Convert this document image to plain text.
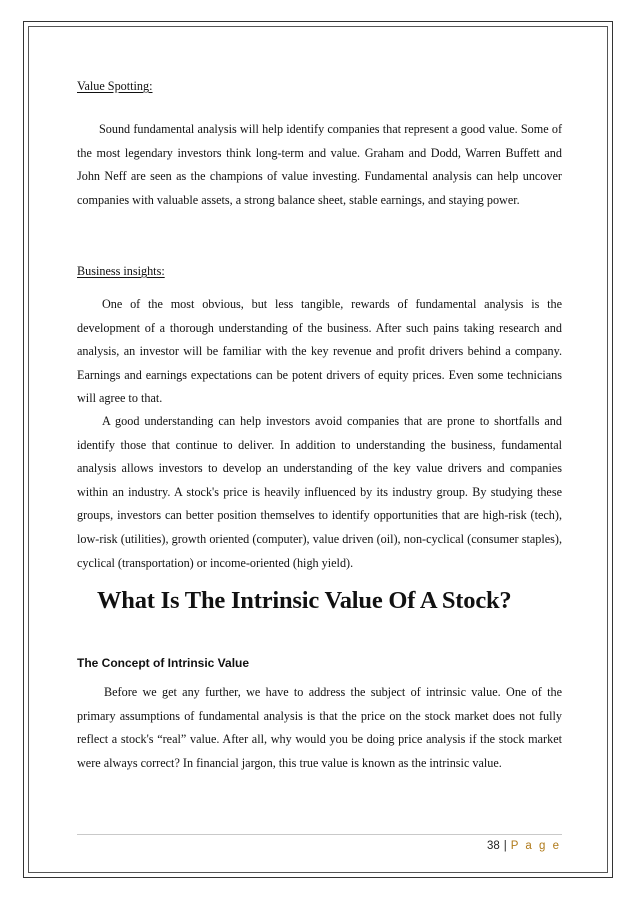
Value Spotting:
Sound fundamental analysis will help identify companies that represent a good value. Some of the most legendary investors think long-term and value. Graham and Dodd, Warren Buffett and John Neff are seen as the champions of value investing. Fundamental analysis can help uncover companies with valuable assets, a strong balance sheet, stable earnings, and staying power.
Business insights:
One of the most obvious, but less tangible, rewards of fundamental analysis is the development of a thorough understanding of the business. After such pains taking research and analysis, an investor will be familiar with the key revenue and profit drivers behind a company. Earnings and earnings expectations can be potent drivers of equity prices. Even some technicians will agree to that.
A good understanding can help investors avoid companies that are prone to shortfalls and identify those that continue to deliver. In addition to understanding the business, fundamental analysis allows investors to develop an understanding of the key value drivers and companies within an industry. A stock's price is heavily influenced by its industry group. By studying these groups, investors can better position themselves to identify opportunities that are high-risk (tech), low-risk (utilities), growth oriented (computer), value driven (oil), non-cyclical (consumer staples), cyclical (transportation) or income-oriented (high yield).
What Is The Intrinsic Value Of A Stock?
The Concept of Intrinsic Value
Before we get any further, we have to address the subject of intrinsic value. One of the primary assumptions of fundamental analysis is that the price on the stock market does not fully reflect a stock's “real” value. After all, why would you be doing price analysis if the stock market were always correct? In financial jargon, this true value is known as the intrinsic value.
38 | P a g e
